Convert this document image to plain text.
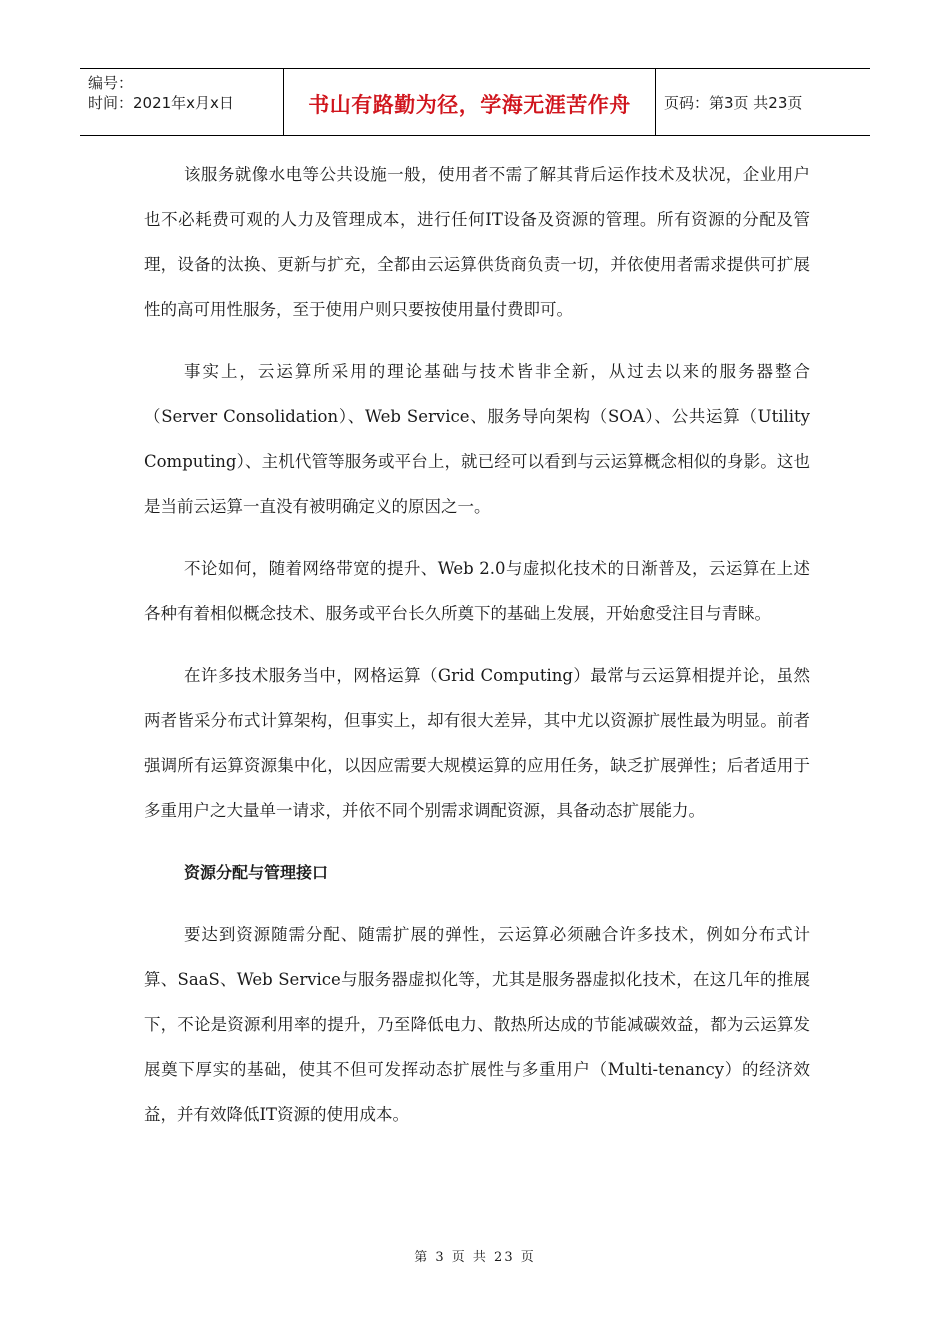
编号：
时间：2021年x月x日	书山有路勤为径，学海无涯苦作舟	页码：第3页 共23页

该服务就像水电等公共设施一般，使用者不需了解其背后运作技术及状况，企业用户也不必耗费可观的人力及管理成本，进行任何IT设备及资源的管理。所有资源的分配及管理，设备的汰换、更新与扩充，全都由云运算供货商负责一切，并依使用者需求提供可扩展性的高可用性服务，至于使用户则只要按使用量付费即可。

事实上，云运算所采用的理论基础与技术皆非全新，从过去以来的服务器整合（Server Consolidation）、Web Service、服务导向架构（SOA）、公共运算（Utility Computing）、主机代管等服务或平台上，就已经可以看到与云运算概念相似的身影。这也是当前云运算一直没有被明确定义的原因之一。

不论如何，随着网络带宽的提升、Web 2.0与虚拟化技术的日渐普及，云运算在上述各种有着相似概念技术、服务或平台长久所奠下的基础上发展，开始愈受注目与青睐。

在许多技术服务当中，网格运算（Grid Computing）最常与云运算相提并论，虽然两者皆采分布式计算架构，但事实上，却有很大差异，其中尤以资源扩展性最为明显。前者强调所有运算资源集中化，以因应需要大规模运算的应用任务，缺乏扩展弹性；后者适用于多重用户之大量单一请求，并依不同个别需求调配资源，具备动态扩展能力。

资源分配与管理接口

要达到资源随需分配、随需扩展的弹性，云运算必须融合许多技术，例如分布式计算、SaaS、Web Service与服务器虚拟化等，尤其是服务器虚拟化技术，在这几年的推展下，不论是资源利用率的提升，乃至降低电力、散热所达成的节能减碳效益，都为云运算发展奠下厚实的基础，使其不但可发挥动态扩展性与多重用户（Multi-tenancy）的经济效益，并有效降低IT资源的使用成本。

第 3 页 共 23 页
